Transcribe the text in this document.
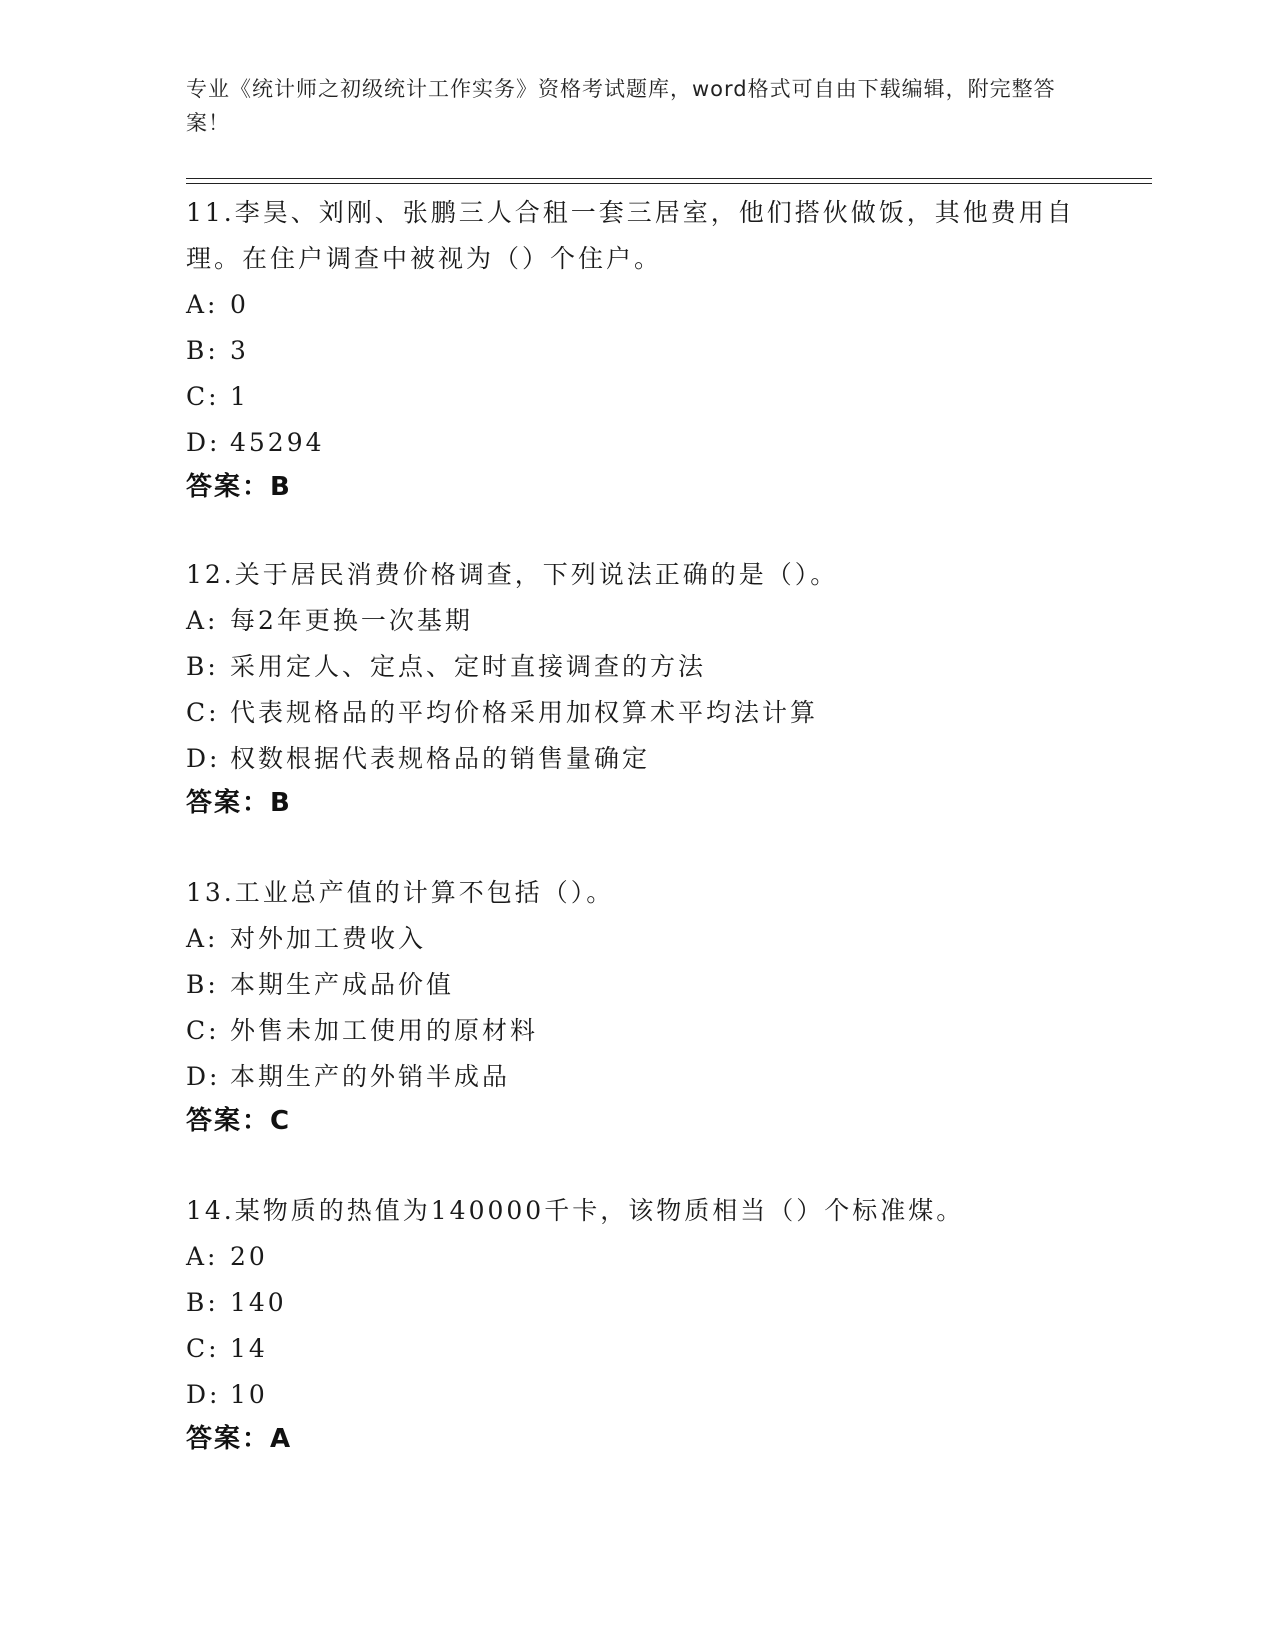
专业《统计师之初级统计工作实务》资格考试题库，word格式可自由下载编辑，附完整答案！

11.李昊、刘刚、张鹏三人合租一套三居室，他们搭伙做饭，其他费用自理。在住户调查中被视为（）个住户。

A: 0

B: 3

C: 1

D: 45294

答案：B

12.关于居民消费价格调查，下列说法正确的是（）。

A: 每2年更换一次基期

B: 采用定人、定点、定时直接调查的方法

C: 代表规格品的平均价格采用加权算术平均法计算

D: 权数根据代表规格品的销售量确定

答案：B

13.工业总产值的计算不包括（）。

A: 对外加工费收入

B: 本期生产成品价值

C: 外售未加工使用的原材料

D: 本期生产的外销半成品

答案：C

14.某物质的热值为140000千卡，该物质相当（）个标准煤。

A: 20

B: 140

C: 14

D: 10

答案：A
